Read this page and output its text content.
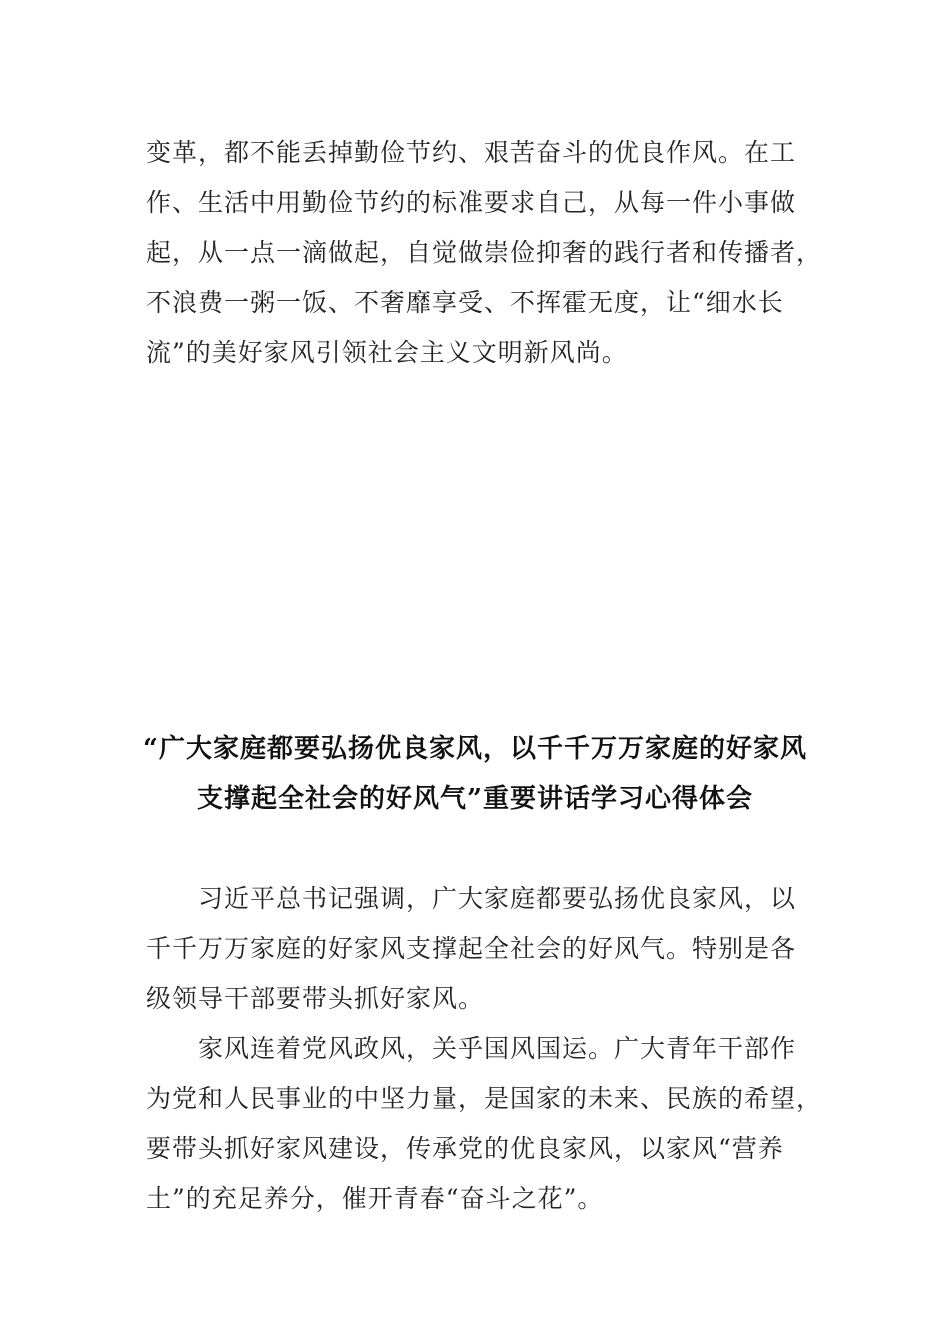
变革，都不能丢掉勤俭节约、艰苦奋斗的优良作风。在工
作、生活中用勤俭节约的标准要求自己，从每一件小事做
起，从一点一滴做起，自觉做崇俭抑奢的践行者和传播者，
不浪费一粥一饭、不奢靡享受、不挥霍无度，让“细水长
流”的美好家风引领社会主义文明新风尚。

“广大家庭都要弘扬优良家风，以千千万万家庭的好家风
支撑起全社会的好风气”重要讲话学习心得体会

习近平总书记强调，广大家庭都要弘扬优良家风，以
千千万万家庭的好家风支撑起全社会的好风气。特别是各
级领导干部要带头抓好家风。

家风连着党风政风，关乎国风国运。广大青年干部作
为党和人民事业的中坚力量，是国家的未来、民族的希望，
要带头抓好家风建设，传承党的优良家风，以家风“营养
土”的充足养分，催开青春“奋斗之花”。
